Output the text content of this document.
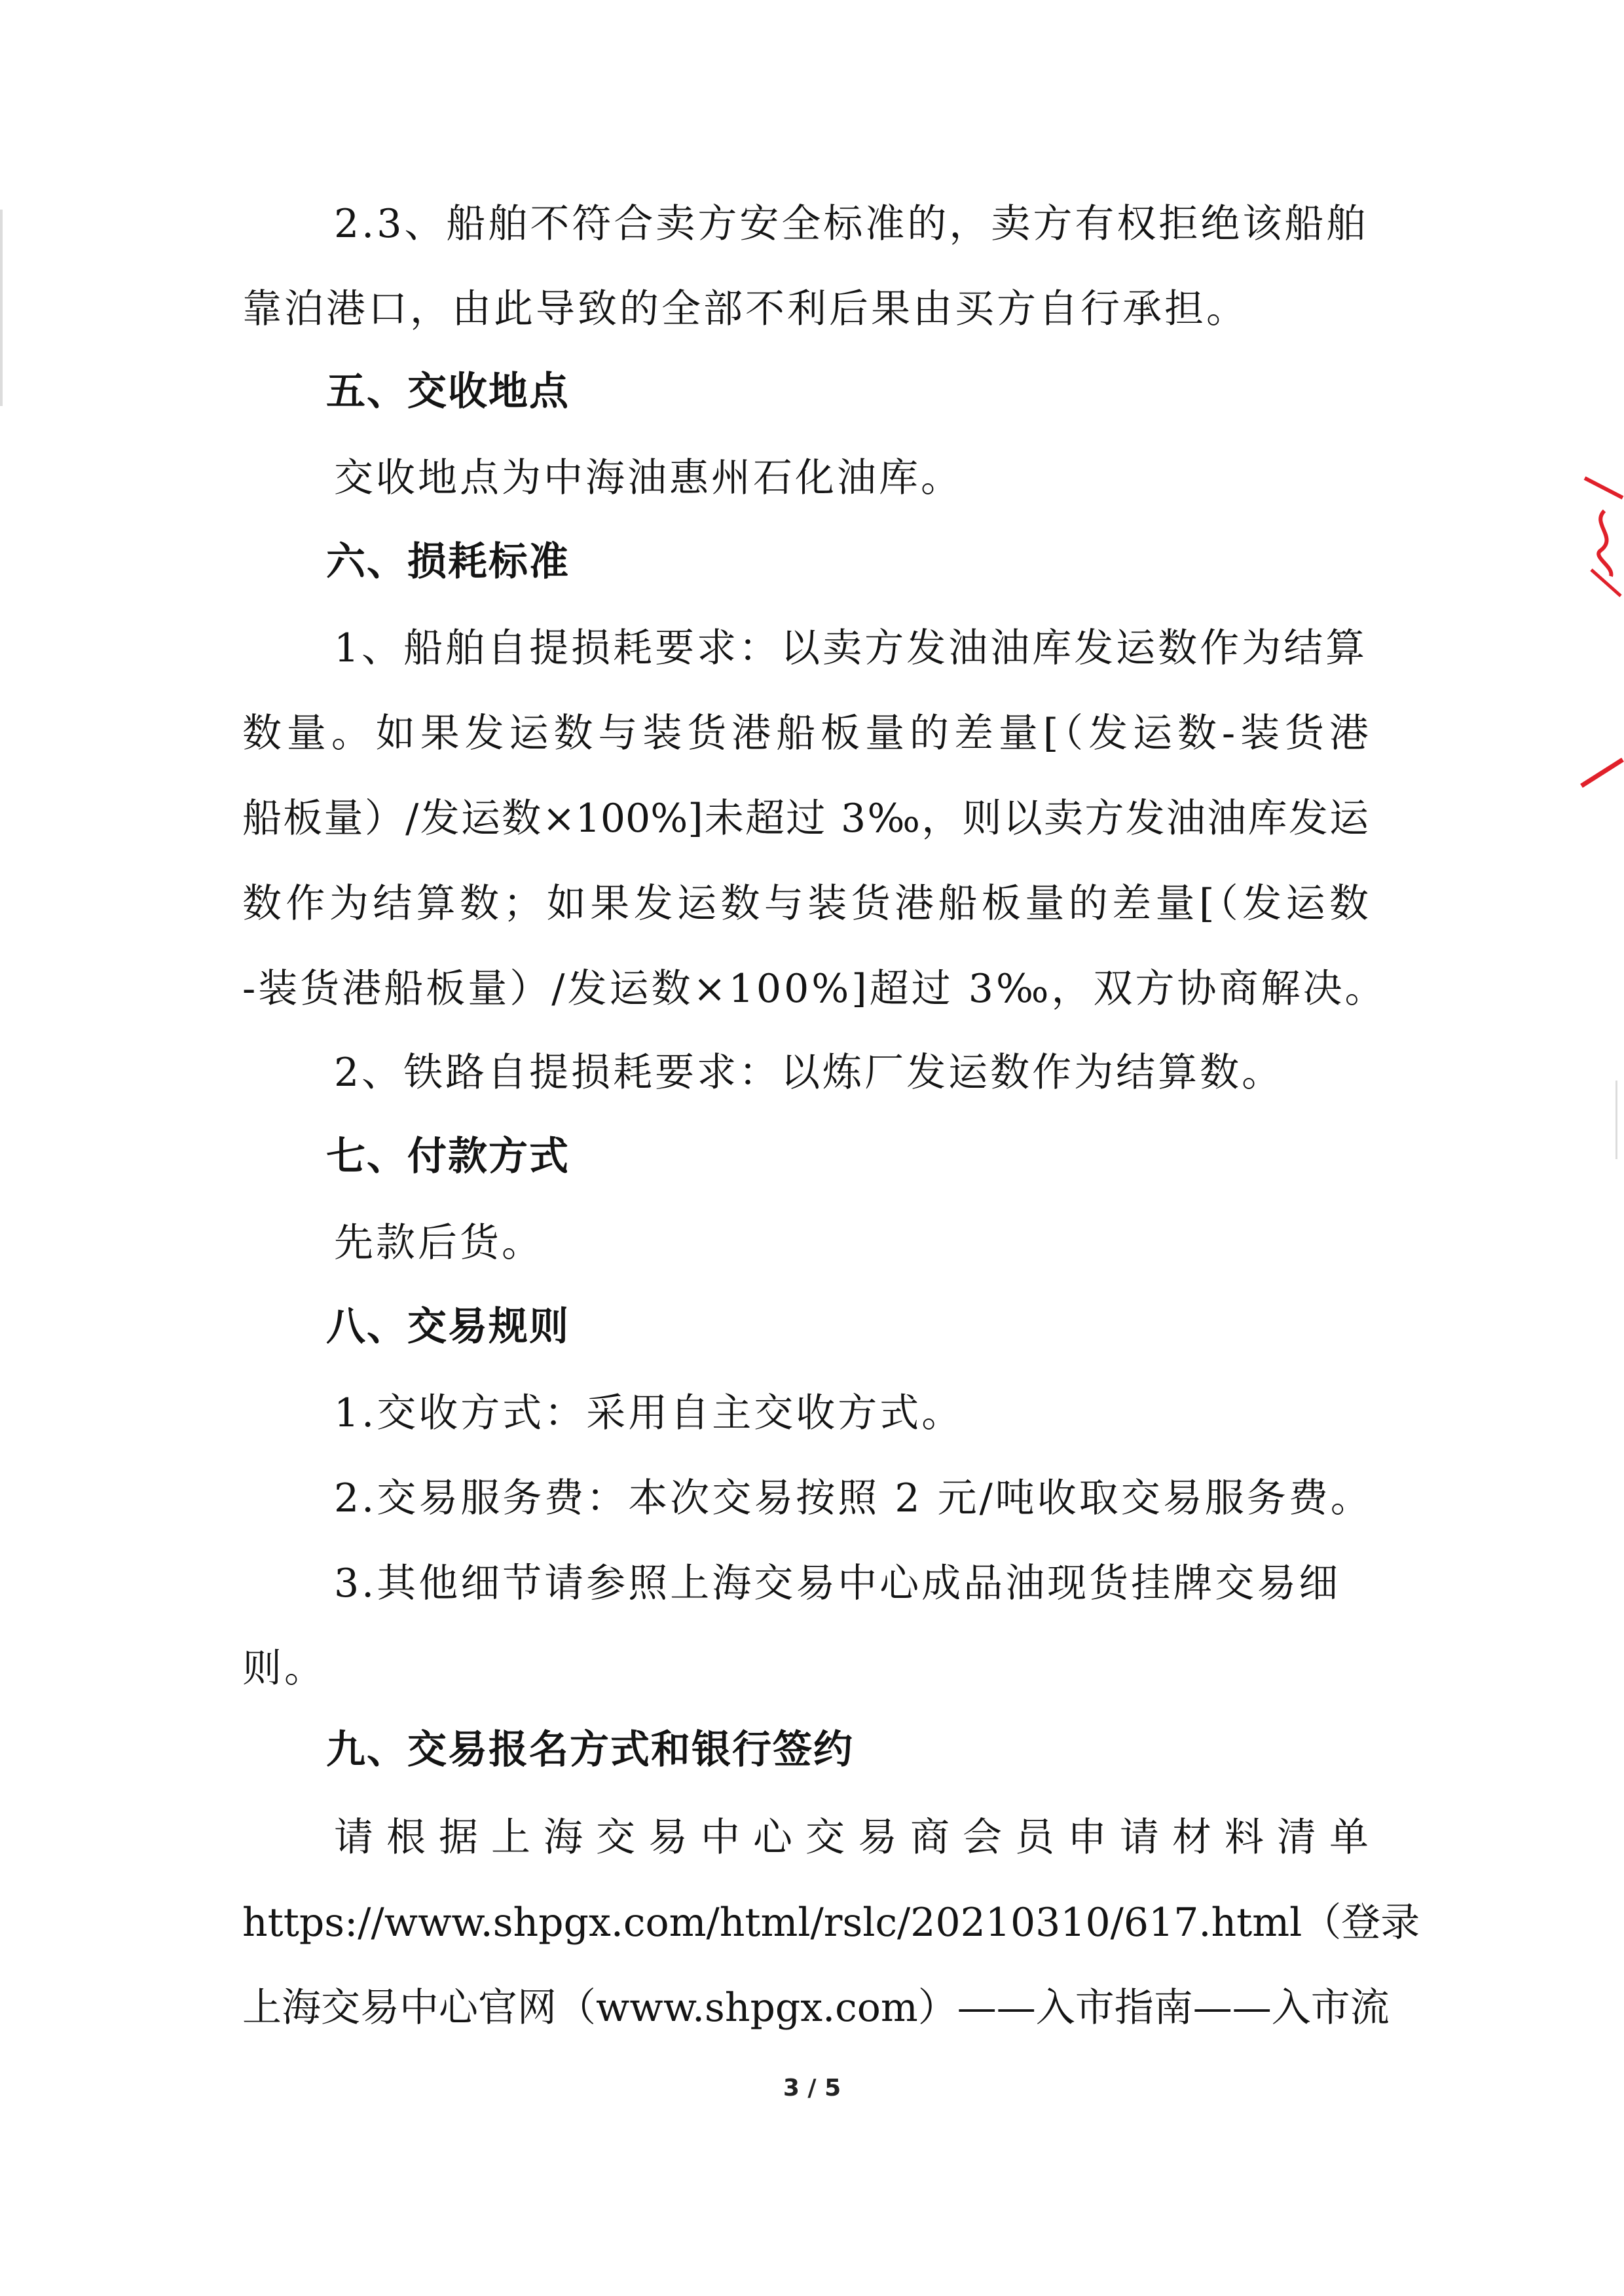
2.3、船舶不符合卖方安全标准的，卖方有权拒绝该船舶
靠泊港口，由此导致的全部不利后果由买方自行承担。
五、交收地点
交收地点为中海油惠州石化油库。
六、损耗标准
1、船舶自提损耗要求：以卖方发油油库发运数作为结算
数量。如果发运数与装货港船板量的差量[（发运数-装货港
船板量）/发运数×100%]未超过 3‰，则以卖方发油油库发运
数作为结算数；如果发运数与装货港船板量的差量[（发运数
-装货港船板量）/发运数×100%]超过 3‰，双方协商解决。
2、铁路自提损耗要求：以炼厂发运数作为结算数。
七、付款方式
先款后货。
八、交易规则
1.交收方式：采用自主交收方式。
2.交易服务费：本次交易按照 2 元/吨收取交易服务费。
3.其他细节请参照上海交易中心成品油现货挂牌交易细
则。
九、交易报名方式和银行签约
请根据上海交易中心交易商会员申请材料清单
https://www.shpgx.com/html/rslc/20210310/617.html（登录
上海交易中心官网（www.shpgx.com）——入市指南——入市流
3 / 5
